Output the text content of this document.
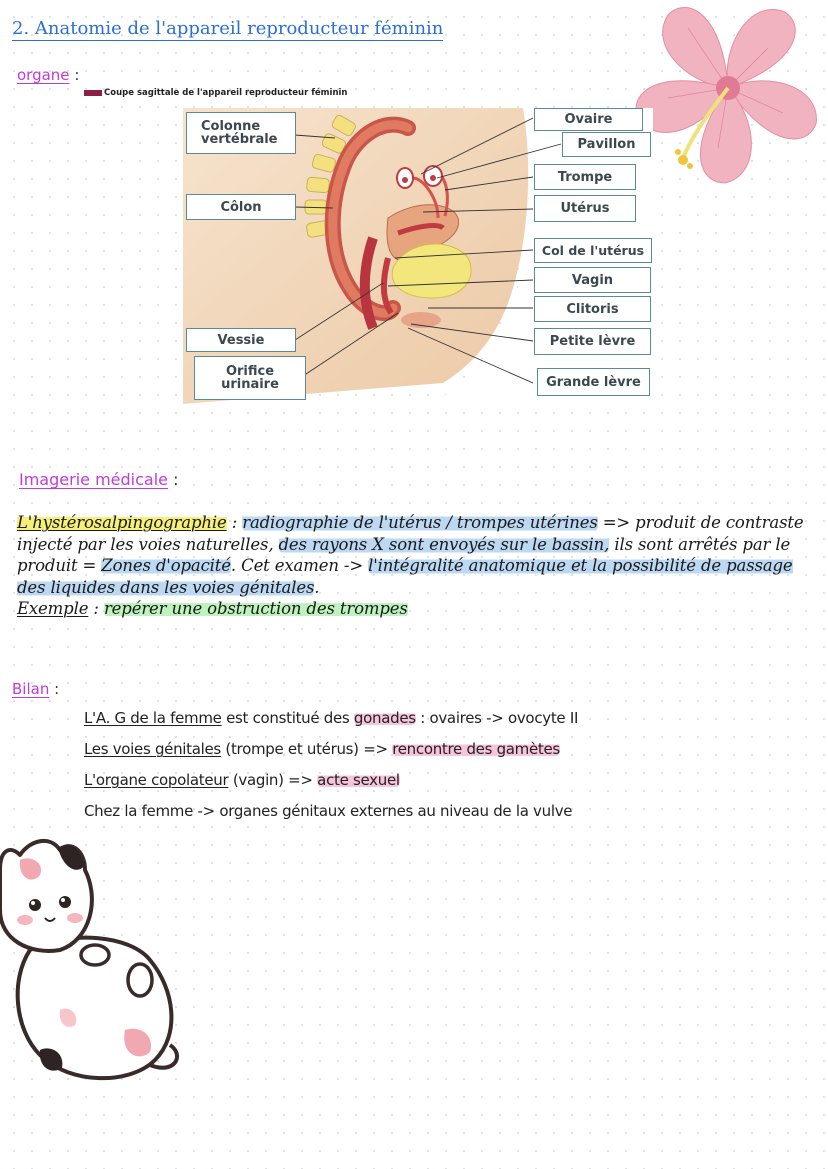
2. Anatomie de l'appareil reproducteur féminin
organe :
Coupe sagittale de l'appareil reproducteur féminin
Colonne
vertébrale
Côlon
Vessie
Orifice
urinaire
Ovaire
Pavillon
Trompe
Utérus
Col de l'utérus
Vagin
Clitoris
Petite lèvre
Grande lèvre
Imagerie médicale :
L'hystérosalpingographie : radiographie de l'utérus / trompes utérines => produit de contraste injecté par les voies naturelles, des rayons X sont envoyés sur le bassin, ils sont arrêtés par le produit = Zones d'opacité. Cet examen -> l'intégralité anatomique et la possibilité de passage des liquides dans les voies génitales.
Exemple : repérer une obstruction des trompes
Bilan :
L'A. G de la femme est constitué des gonades : ovaires -> ovocyte II
Les voies génitales (trompe et utérus) => rencontre des gamètes
L'organe copolateur (vagin) => acte sexuel
Chez la femme -> organes génitaux externes au niveau de la vulve
